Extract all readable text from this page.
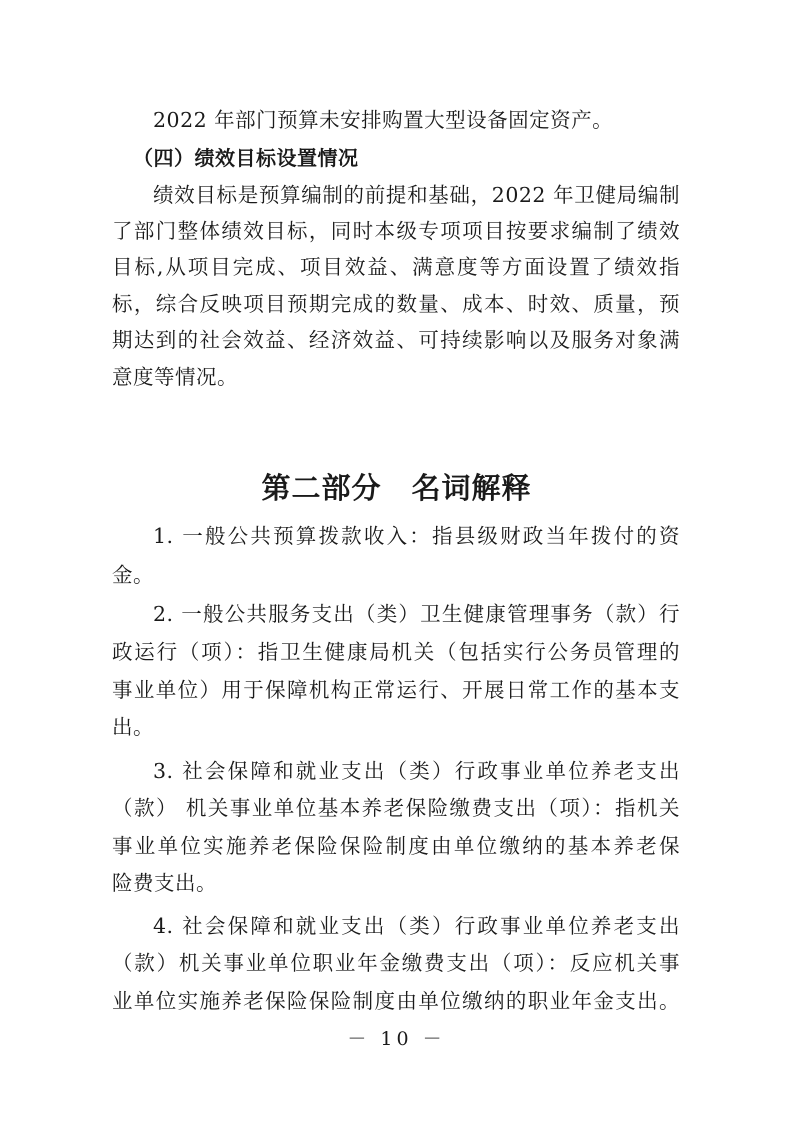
2022 年部门预算未安排购置大型设备固定资产。
（四）绩效目标设置情况
绩效目标是预算编制的前提和基础，2022 年卫健局编制
了部门整体绩效目标，同时本级专项项目按要求编制了绩效
目标,从项目完成、项目效益、满意度等方面设置了绩效指
标，综合反映项目预期完成的数量、成本、时效、质量，预
期达到的社会效益、经济效益、可持续影响以及服务对象满
意度等情况。
第二部分　名词解释
1. 一般公共预算拨款收入：指县级财政当年拨付的资
金。
2. 一般公共服务支出（类）卫生健康管理事务（款）行
政运行（项）：指卫生健康局机关（包括实行公务员管理的
事业单位）用于保障机构正常运行、开展日常工作的基本支
出。
3. 社会保障和就业支出（类）行政事业单位养老支出
（款） 机关事业单位基本养老保险缴费支出（项）：指机关
事业单位实施养老保险保险制度由单位缴纳的基本养老保
险费支出。
4. 社会保障和就业支出（类）行政事业单位养老支出
（款）机关事业单位职业年金缴费支出（项）：反应机关事
业单位实施养老保险保险制度由单位缴纳的职业年金支出。
－ 10 －
